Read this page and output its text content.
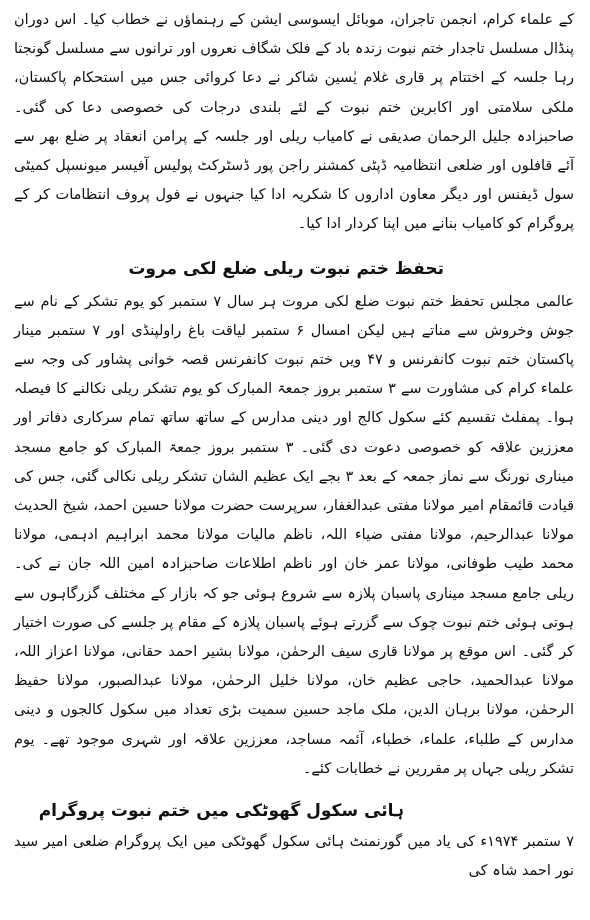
کے علماء کرام، انجمن تاجران، موبائل ایسوسی ایشن کے رہنماؤں نے خطاب کیا۔ اس دوران پنڈال مسلسل تاجدار ختم نبوت زندہ باد کے فلک شگاف نعروں اور ترانوں سے مسلسل گونجتا رہا جلسہ کے اختتام پر قاری غلام یٰسین شاکر نے دعا کروائی جس میں استحکام پاکستان، ملکی سلامتی اور اکابرین ختم نبوت کے لئے بلندی درجات کی خصوصی دعا کی گئی۔ صاحبزادہ جلیل الرحمان صدیقی نے کامیاب ریلی اور جلسہ کے پرامن انعقاد پر ضلع بھر سے آئے قافلوں اور ضلعی انتظامیہ ڈپٹی کمشنر راجن پور ڈسٹرکٹ پولیس آفیسر میونسپل کمیٹی سول ڈیفنس اور دیگر معاون اداروں کا شکریہ ادا کیا جنہوں نے فول پروف انتظامات کر کے پروگرام کو کامیاب بنانے میں اپنا کردار ادا کیا۔

تحفظ ختم نبوت ریلی ضلع لکی مروت

عالمی مجلس تحفظ ختم نبوت ضلع لکی مروت ہر سال ۷ ستمبر کو یوم تشکر کے نام سے جوش وخروش سے مناتے ہیں لیکن امسال ۶ ستمبر لیاقت باغ راولپنڈی اور ۷ ستمبر مینار پاکستان ختم نبوت کانفرنس و ۴۷ ویں ختم نبوت کانفرنس قصہ خوانی پشاور کی وجہ سے علماء کرام کی مشاورت سے ۳ ستمبر بروز جمعۃ المبارک کو یوم تشکر ریلی نکالنے کا فیصلہ ہوا۔ پمفلٹ تقسیم کئے سکول کالج اور دینی مدارس کے ساتھ ساتھ تمام سرکاری دفاتر اور معززین علاقہ کو خصوصی دعوت دی گئی۔ ۳ ستمبر بروز جمعۃ المبارک کو جامع مسجد میناری نورنگ سے نماز جمعہ کے بعد ۳ بجے ایک عظیم الشان تشکر ریلی نکالی گئی، جس کی قیادت قائمقام امیر مولانا مفتی عبدالغفار، سرپرست حضرت مولانا حسین احمد، شیخ الحدیث مولانا عبدالرحیم، مولانا مفتی ضیاء اللہ، ناظم مالیات مولانا محمد ابراہیم ادہمی، مولانا محمد طیب طوفانی، مولانا عمر خان اور ناظم اطلاعات صاحبزادہ امین اللہ جان نے کی۔ ریلی جامع مسجد میناری پاسبان پلازہ سے شروع ہوئی جو کہ بازار کے مختلف گزرگاہوں سے ہوتی ہوئی ختم نبوت چوک سے گزرتے ہوئے پاسبان پلازہ کے مقام پر جلسے کی صورت اختیار کر گئی۔ اس موقع پر مولانا قاری سیف الرحمٰن، مولانا بشیر احمد حقانی، مولانا اعزاز اللہ، مولانا عبدالحمید، حاجی عظیم خان، مولانا خلیل الرحمٰن، مولانا عبدالصبور، مولانا حفیظ الرحمٰن، مولانا برہان الدین، ملک ماجد حسین سمیت بڑی تعداد میں سکول کالجوں و دینی مدارس کے طلباء، علماء، خطباء، آئمہ مساجد، معززین علاقہ اور شہری موجود تھے۔ یوم تشکر ریلی جہاں پر مقررین نے خطابات کئے۔

ہائی سکول گھوٹکی میں ختم نبوت پروگرام

۷ ستمبر ۱۹۷۴ء کی یاد میں گورنمنٹ ہائی سکول گھوٹکی میں ایک پروگرام ضلعی امیر سید نور احمد شاہ کی
